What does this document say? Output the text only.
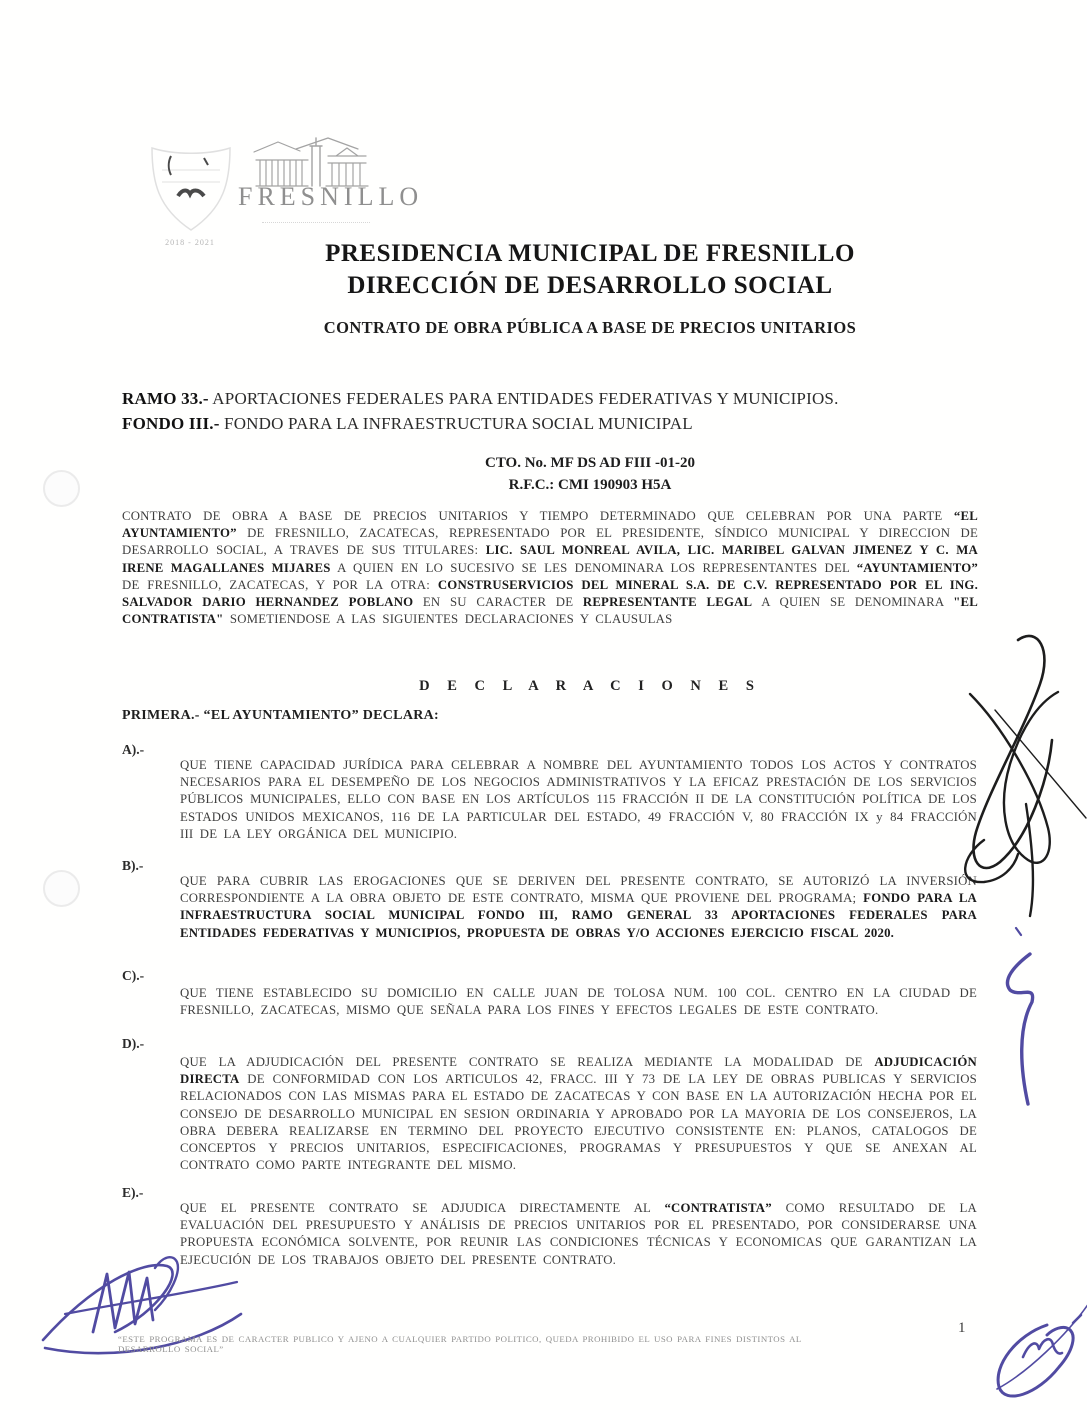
2018 - 2021
FRESNILLO
PRESIDENCIA MUNICIPAL DE FRESNILLO
DIRECCIÓN DE DESARROLLO SOCIAL
CONTRATO DE OBRA PÚBLICA A BASE DE PRECIOS UNITARIOS
RAMO 33.- APORTACIONES FEDERALES PARA ENTIDADES FEDERATIVAS Y MUNICIPIOS.
FONDO III.- FONDO PARA LA INFRAESTRUCTURA SOCIAL MUNICIPAL
CTO. No. MF DS AD FIII -01-20
R.F.C.: CMI 190903 H5A
CONTRATO DE OBRA A BASE DE PRECIOS UNITARIOS Y TIEMPO DETERMINADO QUE CELEBRAN POR UNA PARTE “EL AYUNTAMIENTO” DE FRESNILLO, ZACATECAS, REPRESENTADO POR EL PRESIDENTE, SÍNDICO MUNICIPAL Y DIRECCION DE DESARROLLO SOCIAL, A TRAVES DE SUS TITULARES: LIC. SAUL MONREAL AVILA, LIC. MARIBEL GALVAN JIMENEZ Y C. MA IRENE MAGALLANES MIJARES A QUIEN EN LO SUCESIVO SE LES DENOMINARA LOS REPRESENTANTES DEL “AYUNTAMIENTO” DE FRESNILLO, ZACATECAS, Y POR LA OTRA: CONSTRUSERVICIOS DEL MINERAL S.A. DE C.V. REPRESENTADO POR EL ING. SALVADOR DARIO HERNANDEZ POBLANO EN SU CARACTER DE REPRESENTANTE LEGAL A QUIEN SE DENOMINARA "EL CONTRATISTA" SOMETIENDOSE A LAS SIGUIENTES DECLARACIONES Y CLAUSULAS
D E C L A R A C I O N E S
PRIMERA.- “EL AYUNTAMIENTO” DECLARA:
A).-
QUE TIENE CAPACIDAD JURÍDICA PARA CELEBRAR A NOMBRE DEL AYUNTAMIENTO TODOS LOS ACTOS Y CONTRATOS NECESARIOS PARA EL DESEMPEÑO DE LOS NEGOCIOS ADMINISTRATIVOS Y LA EFICAZ PRESTACIÓN DE LOS SERVICIOS PÚBLICOS MUNICIPALES, ELLO CON BASE EN LOS ARTÍCULOS 115 FRACCIÓN II DE LA CONSTITUCIÓN POLÍTICA DE LOS ESTADOS UNIDOS MEXICANOS, 116 DE LA PARTICULAR DEL ESTADO, 49 FRACCIÓN V, 80 FRACCIÓN IX y 84 FRACCIÓN III DE LA LEY ORGÁNICA DEL MUNICIPIO.
B).-
QUE PARA CUBRIR LAS EROGACIONES QUE SE DERIVEN DEL PRESENTE CONTRATO, SE AUTORIZÓ LA INVERSIÓN CORRESPONDIENTE A LA OBRA OBJETO DE ESTE CONTRATO, MISMA QUE PROVIENE DEL PROGRAMA; FONDO PARA LA INFRAESTRUCTURA SOCIAL MUNICIPAL FONDO III, RAMO GENERAL 33 APORTACIONES FEDERALES PARA ENTIDADES FEDERATIVAS Y MUNICIPIOS, PROPUESTA DE OBRAS Y/O ACCIONES EJERCICIO FISCAL 2020.
C).-
QUE TIENE ESTABLECIDO SU DOMICILIO EN CALLE JUAN DE TOLOSA NUM. 100 COL. CENTRO EN LA CIUDAD DE FRESNILLO, ZACATECAS, MISMO QUE SEÑALA PARA LOS FINES Y EFECTOS LEGALES DE ESTE CONTRATO.
D).-
QUE LA ADJUDICACIÓN DEL PRESENTE CONTRATO SE REALIZA MEDIANTE LA MODALIDAD DE ADJUDICACIÓN DIRECTA DE CONFORMIDAD CON LOS ARTICULOS 42, FRACC. III Y 73 DE LA LEY DE OBRAS PUBLICAS Y SERVICIOS RELACIONADOS CON LAS MISMAS PARA EL ESTADO DE ZACATECAS Y CON BASE EN LA AUTORIZACIÓN HECHA POR EL CONSEJO DE DESARROLLO MUNICIPAL EN SESION ORDINARIA Y APROBADO POR LA MAYORIA DE LOS CONSEJEROS, LA OBRA DEBERA REALIZARSE EN TERMINO DEL PROYECTO EJECUTIVO CONSISTENTE EN: PLANOS, CATALOGOS DE CONCEPTOS Y PRECIOS UNITARIOS, ESPECIFICACIONES, PROGRAMAS Y PRESUPUESTOS Y QUE SE ANEXAN AL CONTRATO COMO PARTE INTEGRANTE DEL MISMO.
E).-
QUE EL PRESENTE CONTRATO SE ADJUDICA DIRECTAMENTE AL “CONTRATISTA” COMO RESULTADO DE LA EVALUACIÓN DEL PRESUPUESTO Y ANÁLISIS DE PRECIOS UNITARIOS POR EL PRESENTADO, POR CONSIDERARSE UNA PROPUESTA ECONÓMICA SOLVENTE, POR REUNIR LAS CONDICIONES TÉCNICAS Y ECONOMICAS QUE GARANTIZAN LA EJECUCIÓN DE LOS TRABAJOS OBJETO DEL PRESENTE CONTRATO.
“ESTE PROGRAMA ES DE CARACTER PUBLICO Y AJENO A CUALQUIER PARTIDO POLITICO, QUEDA PROHIBIDO EL USO PARA FINES DISTINTOS AL DESARROLLO SOCIAL”
1
